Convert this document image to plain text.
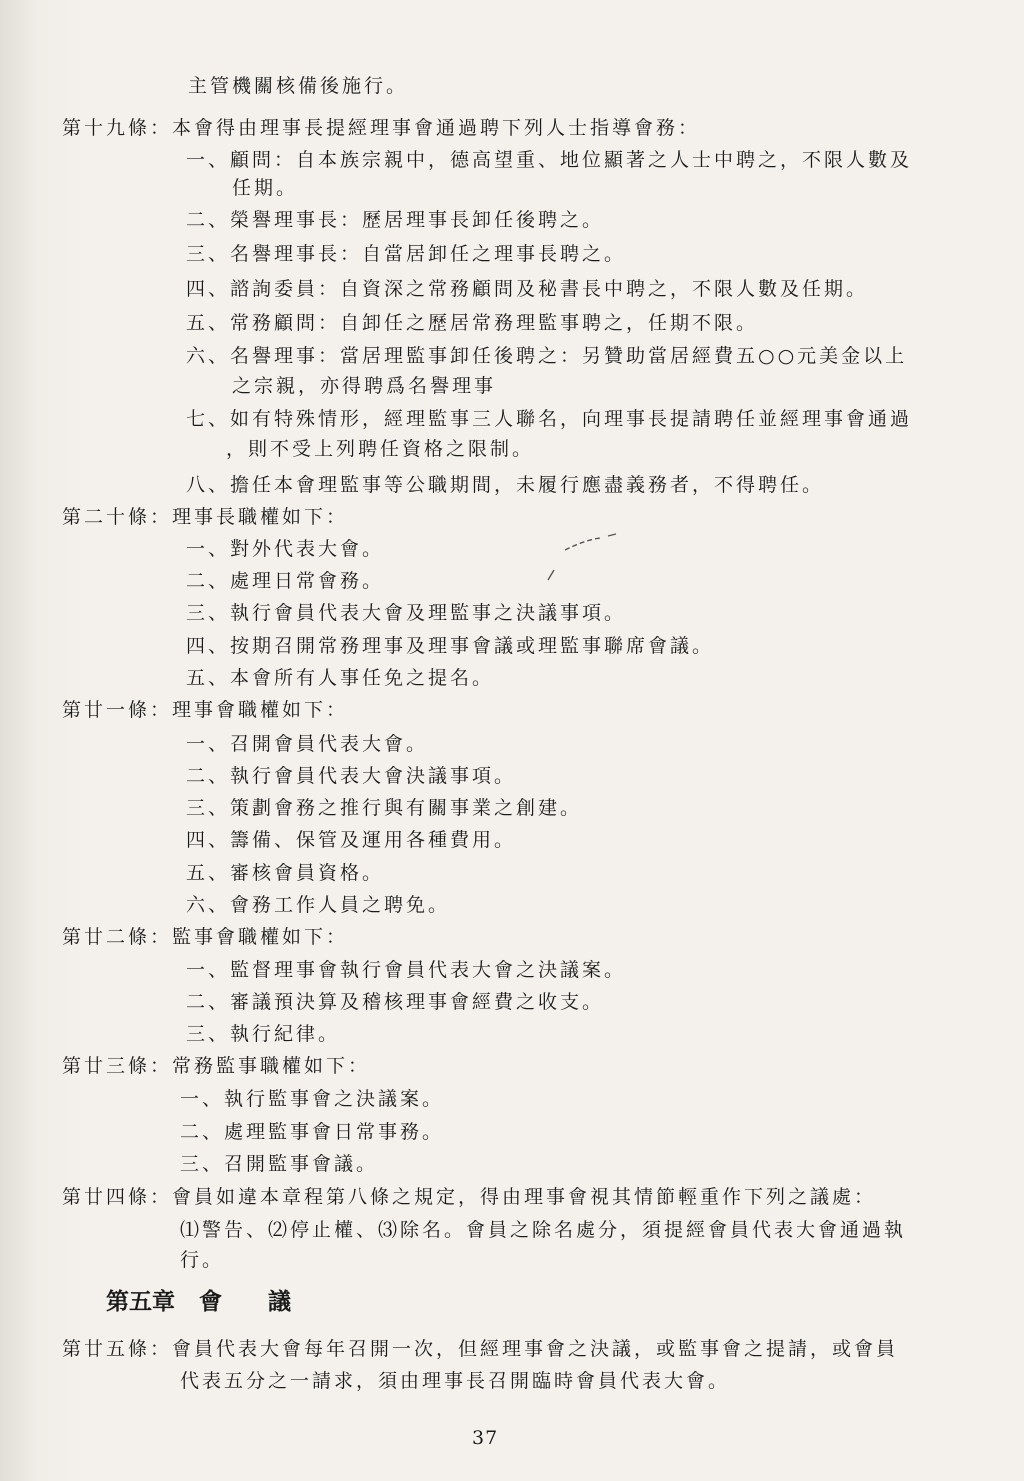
主管機關核備後施行。
第十九條：本會得由理事長提經理事會通過聘下列人士指導會務：
一、顧問：自本族宗親中，德高望重、地位顯著之人士中聘之，不限人數及
任期。
二、榮譽理事長：歷居理事長卸任後聘之。
三、名譽理事長：自當居卸任之理事長聘之。
四、諮詢委員：自資深之常務顧問及秘書長中聘之，不限人數及任期。
五、常務顧問：自卸任之歷居常務理監事聘之，任期不限。
六、名譽理事：當居理監事卸任後聘之：另贊助當居經費五○○元美金以上
之宗親，亦得聘爲名譽理事
七、如有特殊情形，經理監事三人聯名，向理事長提請聘任並經理事會通過
，則不受上列聘任資格之限制。
八、擔任本會理監事等公職期間，未履行應盡義務者，不得聘任。
第二十條：理事長職權如下：
一、對外代表大會。
二、處理日常會務。
三、執行會員代表大會及理監事之決議事項。
四、按期召開常務理事及理事會議或理監事聯席會議。
五、本會所有人事任免之提名。
第廿一條：理事會職權如下：
一、召開會員代表大會。
二、執行會員代表大會決議事項。
三、策劃會務之推行與有關事業之創建。
四、籌備、保管及運用各種費用。
五、審核會員資格。
六、會務工作人員之聘免。
第廿二條：監事會職權如下：
一、監督理事會執行會員代表大會之決議案。
二、審議預決算及稽核理事會經費之收支。
三、執行紀律。
第廿三條：常務監事職權如下：
一、執行監事會之決議案。
二、處理監事會日常事務。
三、召開監事會議。
第廿四條：會員如違本章程第八條之規定，得由理事會視其情節輕重作下列之議處：
⑴警告、⑵停止權、⑶除名。會員之除名處分，須提經會員代表大會通過執
行。
第廿五條：會員代表大會每年召開一次，但經理事會之決議，或監事會之提請，或會員
代表五分之一請求，須由理事長召開臨時會員代表大會。
第五章 會 議
37
